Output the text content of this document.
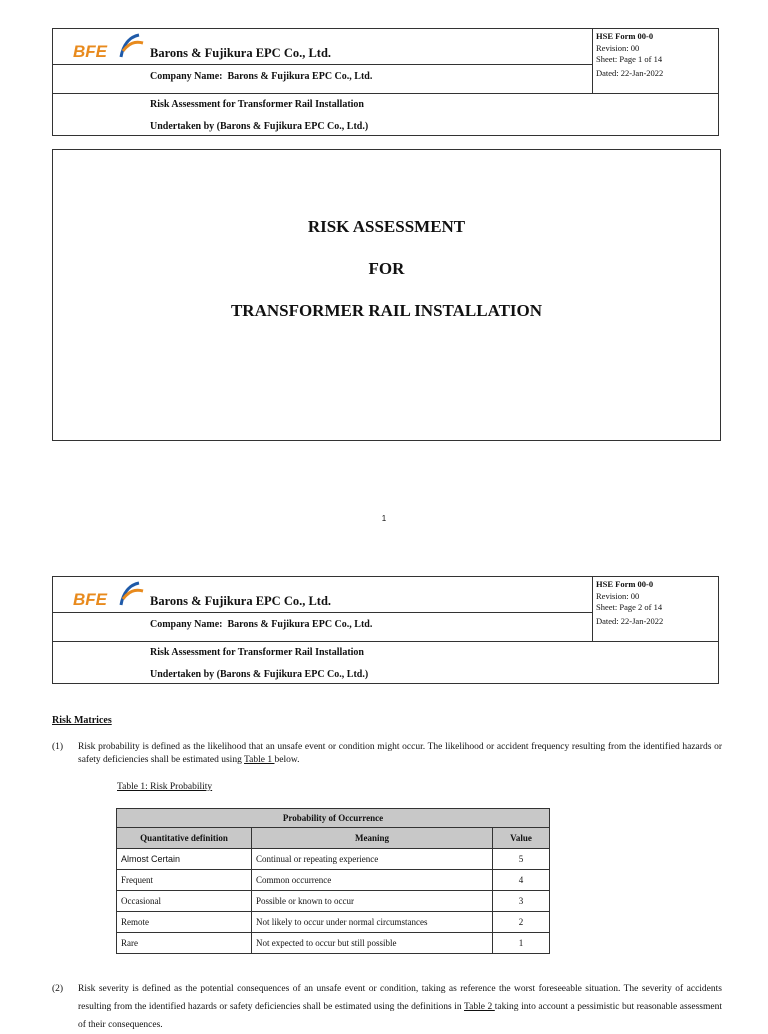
BFE	Barons & Fujikura EPC Co., Ltd.
Company Name: Barons & Fujikura EPC Co., Ltd.
HSE Form 00-0
Revision: 00
Sheet: Page 1 of 14
Dated: 22-Jan-2022
Risk Assessment for Transformer Rail Installation
Undertaken by (Barons & Fujikura EPC Co., Ltd.)
RISK ASSESSMENT
FOR
TRANSFORMER RAIL INSTALLATION
1
BFE	Barons & Fujikura EPC Co., Ltd.
Company Name: Barons & Fujikura EPC Co., Ltd.
HSE Form 00-0
Revision: 00
Sheet: Page 2 of 14
Dated: 22-Jan-2022
Risk Assessment for Transformer Rail Installation
Undertaken by (Barons & Fujikura EPC Co., Ltd.)
Risk Matrices
(1) Risk probability is defined as the likelihood that an unsafe event or condition might occur. The likelihood or accident frequency resulting from the identified hazards or safety deficiencies shall be estimated using Table 1 below.
Table 1: Risk Probability
Probability of Occurrence		
Quantitative definition	Meaning	Value
Almost Certain	Continual or repeating experience	5
Frequent	Common occurrence	4
Occasional	Possible or known to occur	3
Remote	Not likely to occur under normal circumstances	2
Rare	Not expected to occur but still possible	1
(2) Risk severity is defined as the potential consequences of an unsafe event or condition, taking as reference the worst foreseeable situation. The severity of accidents resulting from the identified hazards or safety deficiencies shall be estimated using the definitions in Table 2 taking into account a pessimistic but reasonable assessment of their consequences.
